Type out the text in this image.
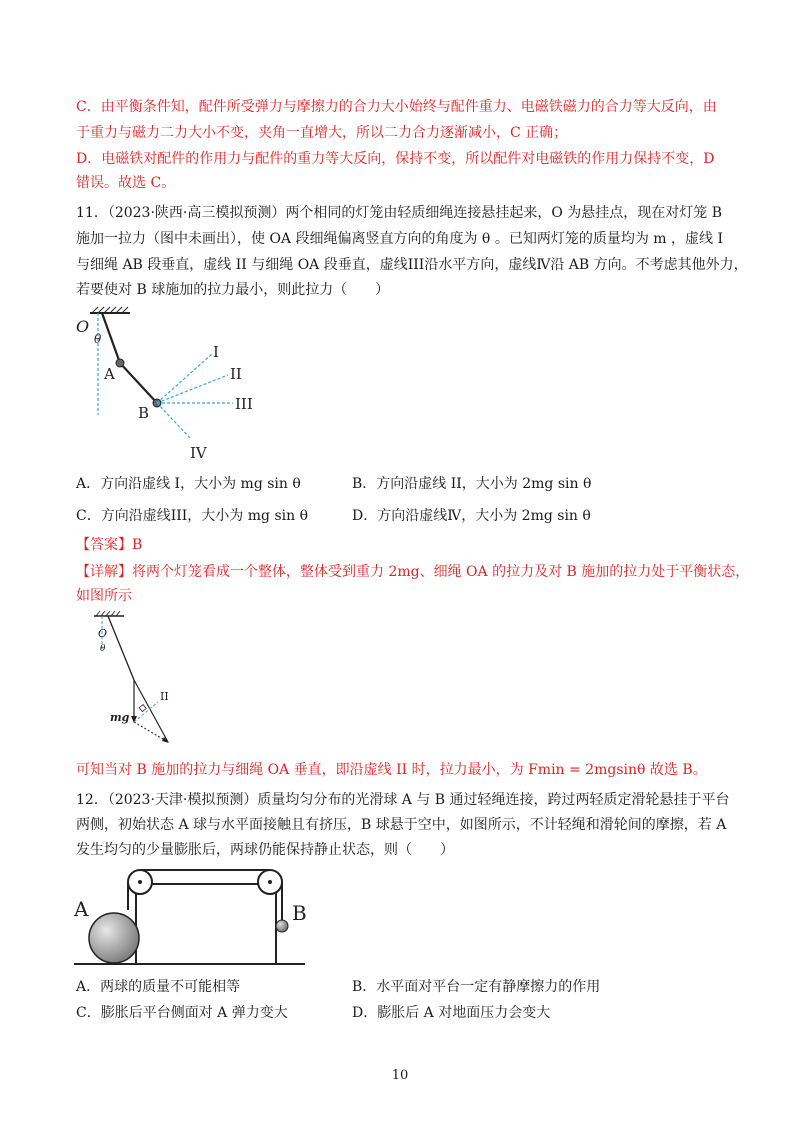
C．由平衡条件知，配件所受弹力与摩擦力的合力大小始终与配件重力、电磁铁磁力的合力等大反向，由
于重力与磁力二力大小不变，夹角一直增大，所以二力合力逐渐减小，C 正确；
D．电磁铁对配件的作用力与配件的重力等大反向，保持不变，所以配件对电磁铁的作用力保持不变，D
错误。故选 C。
11．（2023·陕西·高三模拟预测）两个相同的灯笼由轻质细绳连接悬挂起来，O 为悬挂点，现在对灯笼 B
施加一拉力（图中未画出），使 OA 段细绳偏离竖直方向的角度为 θ 。已知两灯笼的质量均为 m ，虚线 I
与细绳 AB 段垂直，虚线 II 与细绳 OA 段垂直，虚线III沿水平方向，虚线Ⅳ沿 AB 方向。不考虑其他外力，
若要使对 B 球施加的拉力最小，则此拉力（　　）
O
θ
A
B
I
II
III
IV
A．方向沿虚线 I，大小为 mg sin θ	B．方向沿虚线 II，大小为 2mg sin θ
C．方向沿虚线III，大小为 mg sin θ	D．方向沿虚线Ⅳ，大小为 2mg sin θ
【答案】B
【详解】将两个灯笼看成一个整体，整体受到重力 2mg、细绳 OA 的拉力及对 B 施加的拉力处于平衡状态，
如图所示
O
θ
II
mg
可知当对 B 施加的拉力与细绳 OA 垂直，即沿虚线 II 时，拉力最小，为 Fmin = 2mgsinθ 故选 B。
12．（2023·天津·模拟预测）质量均匀分布的光滑球 A 与 B 通过轻绳连接，跨过两轻质定滑轮悬挂于平台
两侧，初始状态 A 球与水平面接触且有挤压，B 球悬于空中，如图所示，不计轻绳和滑轮间的摩擦，若 A
发生均匀的少量膨胀后，两球仍能保持静止状态，则（　　）
A	B
A．两球的质量不可能相等	B．水平面对平台一定有静摩擦力的作用
C．膨胀后平台侧面对 A 弹力变大	D．膨胀后 A 对地面压力会变大
10
